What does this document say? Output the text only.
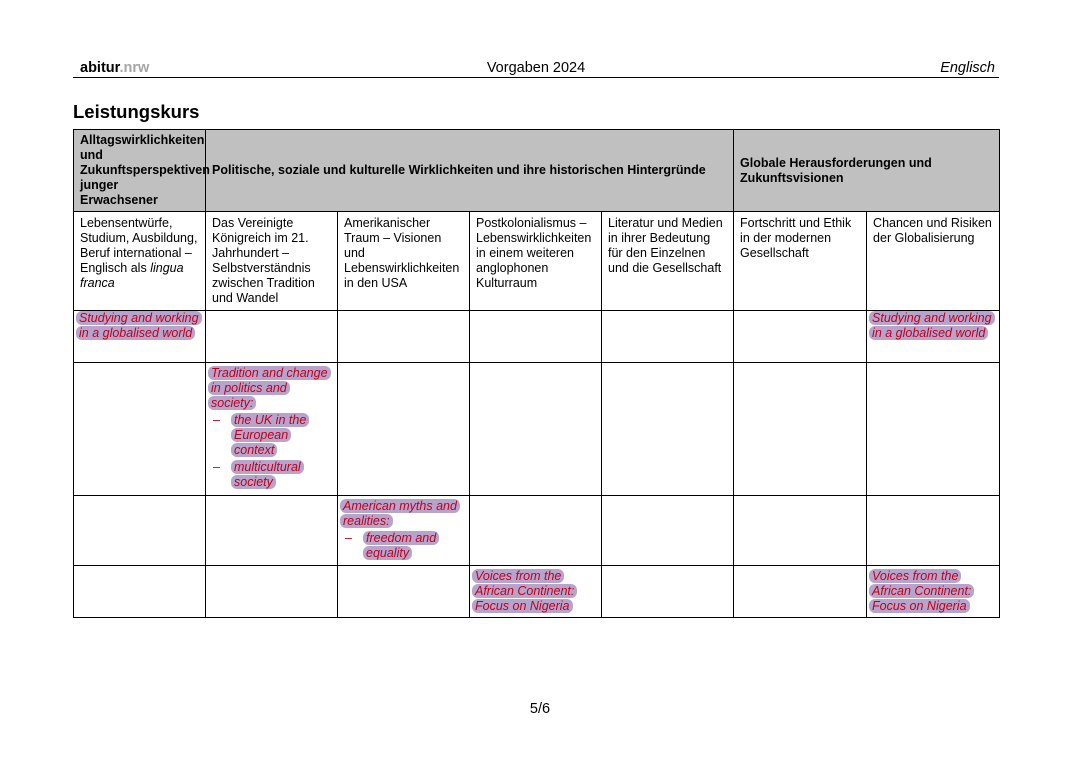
abitur.nrw	Vorgaben 2024	Englisch
Leistungskurs
Alltagswirklichkeiten und Zukunftsperspektiven junger Erwachsener	Politische, soziale und kulturelle Wirklichkeiten und ihre historischen Hintergründe				Globale Herausforderungen und Zukunftsvisionen	

Lebensentwürfe, Studium, Ausbildung, Beruf international – Englisch als lingua franca	Das Vereinigte Königreich im 21. Jahrhundert – Selbstverständnis zwischen Tradition und Wandel	Amerikanischer Traum – Visionen und Lebenswirklichkeiten in den USA	Postkolonialismus – Lebenswirklichkeiten in einem weiteren anglophonen Kulturraum	Literatur und Medien in ihrer Bedeutung für den Einzelnen und die Gesellschaft	Fortschritt und Ethik in der modernen Gesellschaft	Chancen und Risiken der Globalisierung

Studying and working in a globalised world						Studying and working in a globalised world

	Tradition and change in politics and society:
– the UK in the European context
– multicultural society					

		American myths and realities:
– freedom and equality				

			Voices from the African Continent: Focus on Nigeria			Voices from the African Continent: Focus on Nigeria
5/6
